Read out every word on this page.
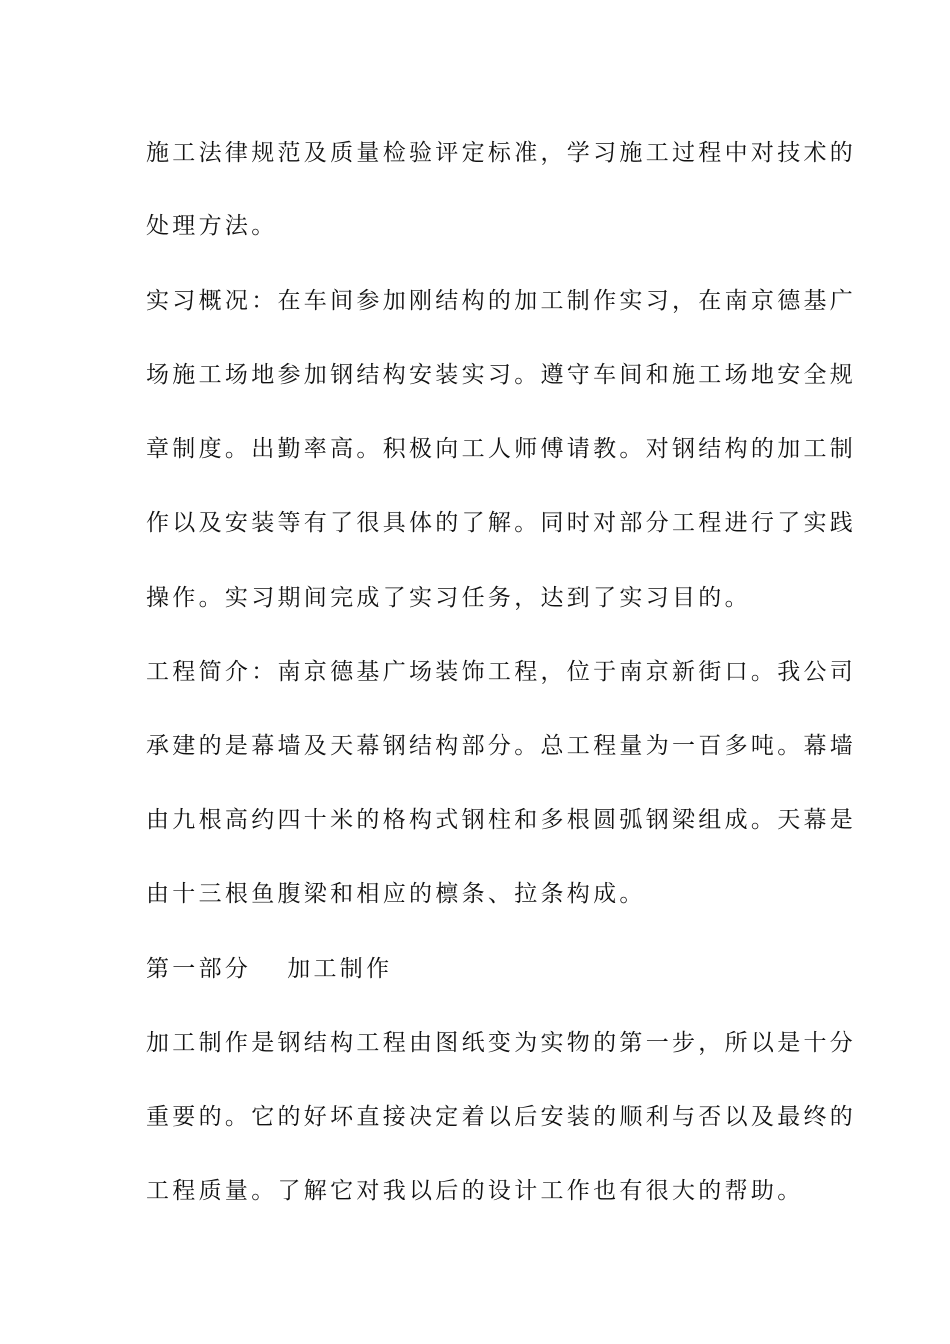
施工法律规范及质量检验评定标准，学习施工过程中对技术的
处理方法。
实习概况：在车间参加刚结构的加工制作实习，在南京德基广
场施工场地参加钢结构安装实习。遵守车间和施工场地安全规
章制度。出勤率高。积极向工人师傅请教。对钢结构的加工制
作以及安装等有了很具体的了解。同时对部分工程进行了实践
操作。实习期间完成了实习任务，达到了实习目的。
工程简介：南京德基广场装饰工程，位于南京新街口。我公司
承建的是幕墙及天幕钢结构部分。总工程量为一百多吨。幕墙
由九根高约四十米的格构式钢柱和多根圆弧钢梁组成。天幕是
由十三根鱼腹梁和相应的檩条、拉条构成。
第一部分 加工制作
加工制作是钢结构工程由图纸变为实物的第一步，所以是十分
重要的。它的好坏直接决定着以后安装的顺利与否以及最终的
工程质量。了解它对我以后的设计工作也有很大的帮助。
